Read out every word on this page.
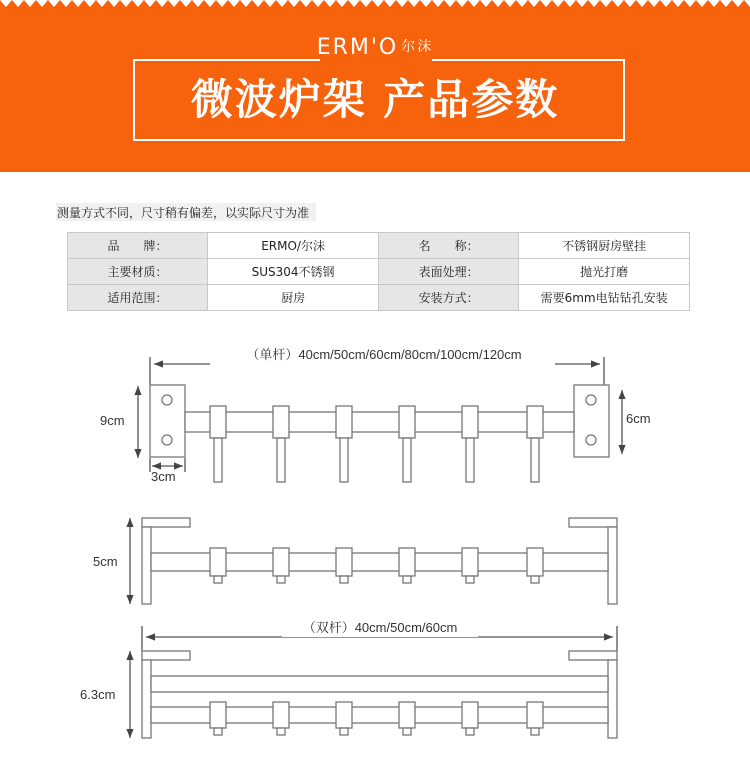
ERM'O 尔沫
微波炉架 产品参数
测量方式不同，尺寸稍有偏差，以实际尺寸为准
品　　牌：	ERMO/尔沫	名　　称：	不锈钢厨房壁挂
主要材质：	SUS304不锈钢	表面处理：	抛光打磨
适用范围：	厨房	安装方式：	需要6mm电钻钻孔安装
（单杆）40cm/50cm/60cm/80cm/100cm/120cm
9cm
3cm
6cm
5cm
（双杆）40cm/50cm/60cm
6.3cm
